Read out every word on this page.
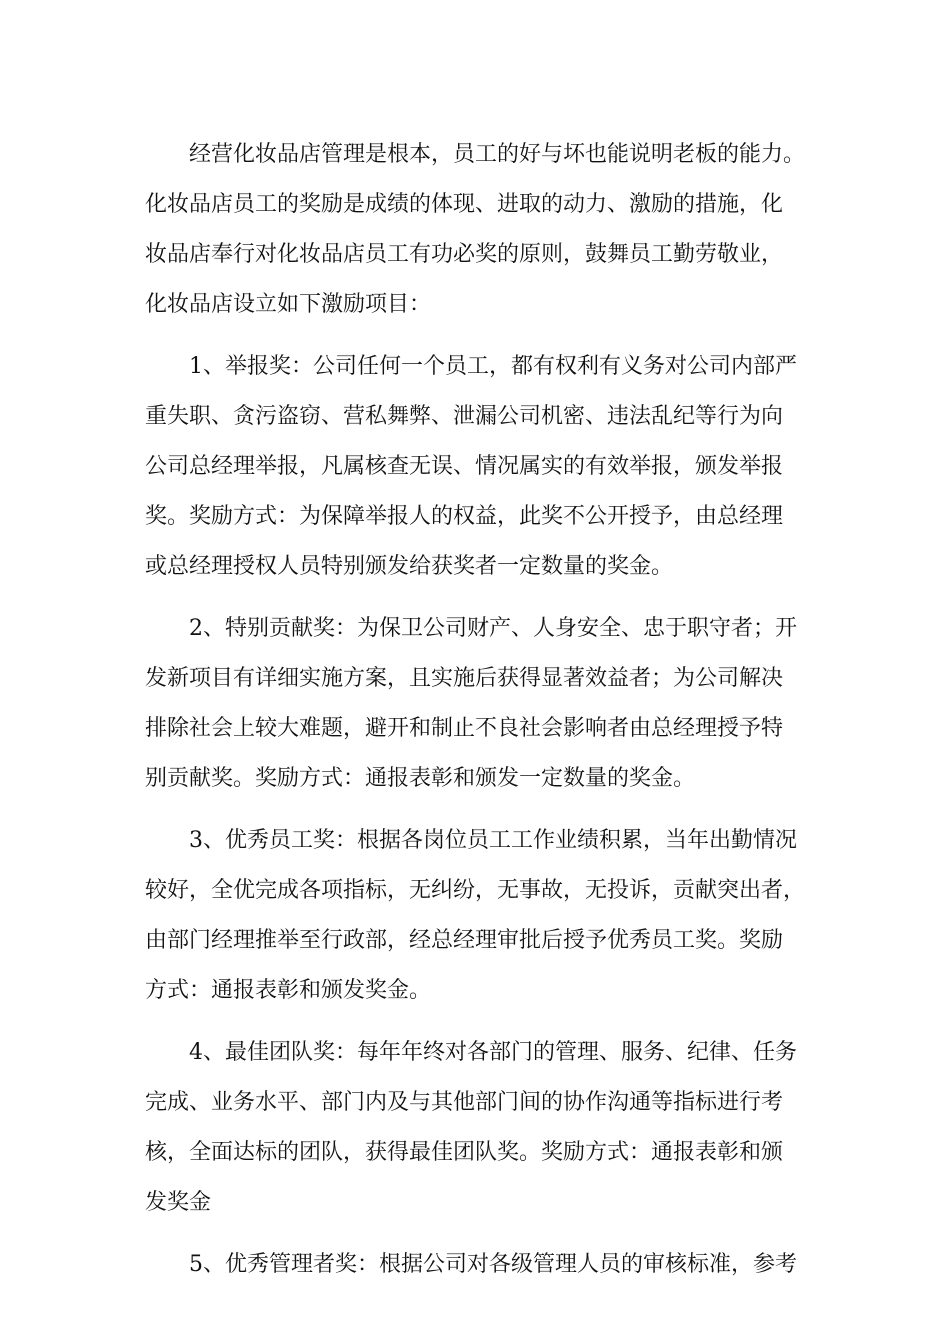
经营化妆品店管理是根本，员工的好与坏也能说明老板的能力。
化妆品店员工的奖励是成绩的体现、进取的动力、激励的措施，化
妆品店奉行对化妆品店员工有功必奖的原则，鼓舞员工勤劳敬业，
化妆品店设立如下激励项目：
1、举报奖：公司任何一个员工，都有权利有义务对公司内部严
重失职、贪污盗窃、营私舞弊、泄漏公司机密、违法乱纪等行为向
公司总经理举报，凡属核查无误、情况属实的有效举报，颁发举报
奖。奖励方式：为保障举报人的权益，此奖不公开授予，由总经理
或总经理授权人员特别颁发给获奖者一定数量的奖金。
2、特别贡献奖：为保卫公司财产、人身安全、忠于职守者；开
发新项目有详细实施方案，且实施后获得显著效益者；为公司解决
排除社会上较大难题，避开和制止不良社会影响者由总经理授予特
别贡献奖。奖励方式：通报表彰和颁发一定数量的奖金。
3、优秀员工奖：根据各岗位员工工作业绩积累，当年出勤情况
较好，全优完成各项指标，无纠纷，无事故，无投诉，贡献突出者，
由部门经理推举至行政部，经总经理审批后授予优秀员工奖。奖励
方式：通报表彰和颁发奖金。
4、最佳团队奖：每年年终对各部门的管理、服务、纪律、任务
完成、业务水平、部门内及与其他部门间的协作沟通等指标进行考
核，全面达标的团队，获得最佳团队奖。奖励方式：通报表彰和颁
发奖金
5、优秀管理者奖：根据公司对各级管理人员的审核标准，参考
